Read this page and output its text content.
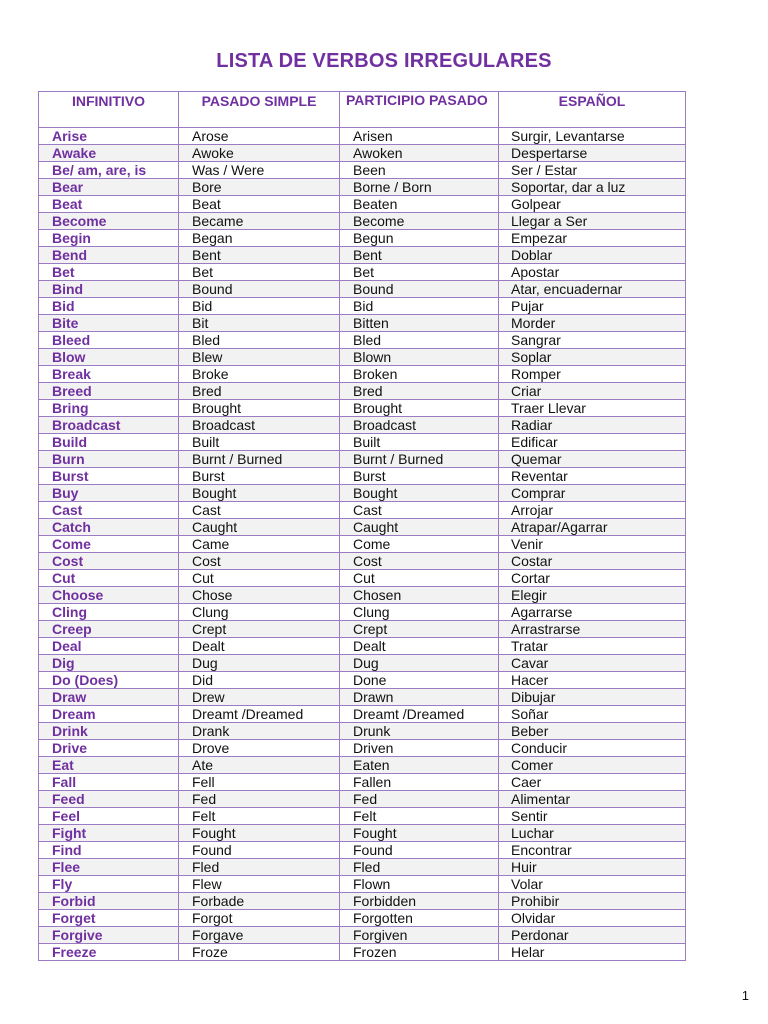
LISTA DE VERBOS IRREGULARES
INFINITIVO	PASADO SIMPLE	PARTICIPIO PASADO	ESPAÑOL
Arise	Arose	Arisen	Surgir, Levantarse
Awake	Awoke	Awoken	Despertarse
Be/ am, are, is	Was / Were	Been	Ser / Estar
Bear	Bore	Borne / Born	Soportar, dar a luz
Beat	Beat	Beaten	Golpear
Become	Became	Become	Llegar a Ser
Begin	Began	Begun	Empezar
Bend	Bent	Bent	Doblar
Bet	Bet	Bet	Apostar
Bind	Bound	Bound	Atar, encuadernar
Bid	Bid	Bid	Pujar
Bite	Bit	Bitten	Morder
Bleed	Bled	Bled	Sangrar
Blow	Blew	Blown	Soplar
Break	Broke	Broken	Romper
Breed	Bred	Bred	Criar
Bring	Brought	Brought	Traer Llevar
Broadcast	Broadcast	Broadcast	Radiar
Build	Built	Built	Edificar
Burn	Burnt / Burned	Burnt / Burned	Quemar
Burst	Burst	Burst	Reventar
Buy	Bought	Bought	Comprar
Cast	Cast	Cast	Arrojar
Catch	Caught	Caught	Atrapar/Agarrar
Come	Came	Come	Venir
Cost	Cost	Cost	Costar
Cut	Cut	Cut	Cortar
Choose	Chose	Chosen	Elegir
Cling	Clung	Clung	Agarrarse
Creep	Crept	Crept	Arrastrarse
Deal	Dealt	Dealt	Tratar
Dig	Dug	Dug	Cavar
Do (Does)	Did	Done	Hacer
Draw	Drew	Drawn	Dibujar
Dream	Dreamt /Dreamed	Dreamt /Dreamed	Soñar
Drink	Drank	Drunk	Beber
Drive	Drove	Driven	Conducir
Eat	Ate	Eaten	Comer
Fall	Fell	Fallen	Caer
Feed	Fed	Fed	Alimentar
Feel	Felt	Felt	Sentir
Fight	Fought	Fought	Luchar
Find	Found	Found	Encontrar
Flee	Fled	Fled	Huir
Fly	Flew	Flown	Volar
Forbid	Forbade	Forbidden	Prohibir
Forget	Forgot	Forgotten	Olvidar
Forgive	Forgave	Forgiven	Perdonar
Freeze	Froze	Frozen	Helar
1
